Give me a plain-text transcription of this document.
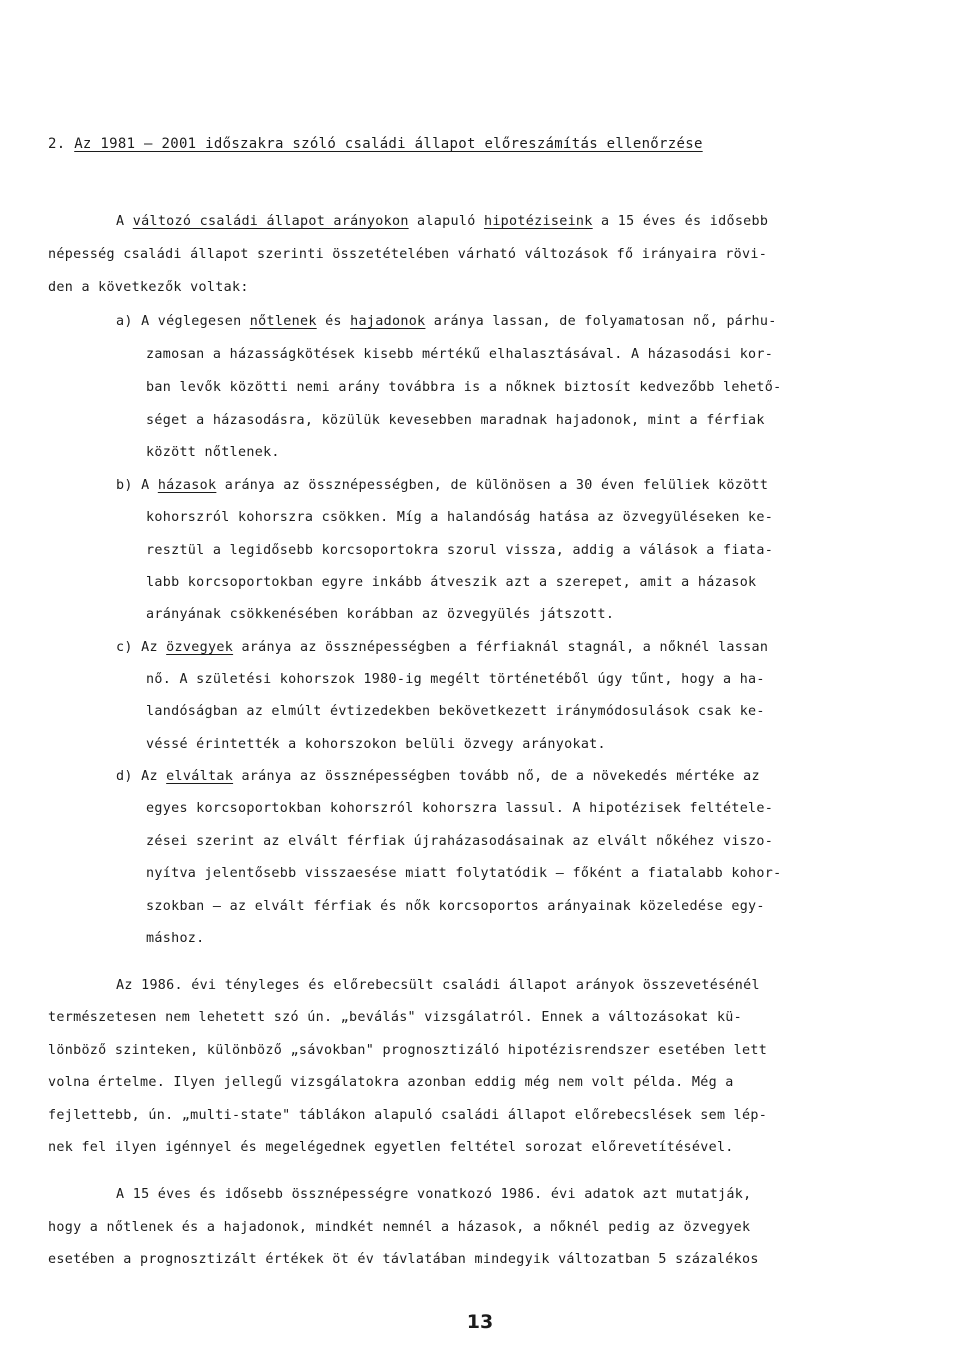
2. Az 1981 – 2001 időszakra szóló családi állapot előreszámítás ellenőrzése
A változó családi állapot arányokon alapuló hipotéziseink a 15 éves és idősebb
népesség családi állapot szerinti összetételében várható változások fő irányaira rövi-
den a következők voltak:
a) A véglegesen nőtlenek és hajadonok aránya lassan, de folyamatosan nő, párhu-
zamosan a házasságkötések kisebb mértékű elhalasztásával. A házasodási kor-
ban levők közötti nemi arány továbbra is a nőknek biztosít kedvezőbb lehető-
séget a házasodásra, közülük kevesebben maradnak hajadonok, mint a férfiak
között nőtlenek.
b) A házasok aránya az össznépességben, de különösen a 30 éven felüliek között
kohorszról kohorszra csökken. Míg a halandóság hatása az özvegyüléseken ke-
resztül a legidősebb korcsoportokra szorul vissza, addig a válások a fiata-
labb korcsoportokban egyre inkább átveszik azt a szerepet, amit a házasok
arányának csökkenésében korábban az özvegyülés játszott.
c) Az özvegyek aránya az össznépességben a férfiaknál stagnál, a nőknél lassan
nő. A születési kohorszok 1980-ig megélt történetéből úgy tűnt, hogy a ha-
landóságban az elmúlt évtizedekben bekövetkezett iránymódosulások csak ke-
véssé érintették a kohorszokon belüli özvegy arányokat.
d) Az elváltak aránya az össznépességben tovább nő, de a növekedés mértéke az
egyes korcsoportokban kohorszról kohorszra lassul. A hipotézisek feltétele-
zései szerint az elvált férfiak újraházasodásainak az elvált nőkéhez viszo-
nyítva jelentősebb visszaesése miatt folytatódik – főként a fiatalabb kohor-
szokban – az elvált férfiak és nők korcsoportos arányainak közeledése egy-
máshoz.
Az 1986. évi tényleges és előrebecsült családi állapot arányok összevetésénél
természetesen nem lehetett szó ún. „beválás" vizsgálatról. Ennek a változásokat kü-
lönböző szinteken, különböző „sávokban" prognosztizáló hipotézisrendszer esetében lett
volna értelme. Ilyen jellegű vizsgálatokra azonban eddig még nem volt példa. Még a
fejlettebb, ún. „multi-state" táblákon alapuló családi állapot előrebecslések sem lép-
nek fel ilyen igénnyel és megelégednek egyetlen feltétel sorozat előrevetítésével.
A 15 éves és idősebb össznépességre vonatkozó 1986. évi adatok azt mutatják,
hogy a nőtlenek és a hajadonok, mindkét nemnél a házasok, a nőknél pedig az özvegyek
esetében a prognosztizált értékek öt év távlatában mindegyik változatban 5 százalékos
13
